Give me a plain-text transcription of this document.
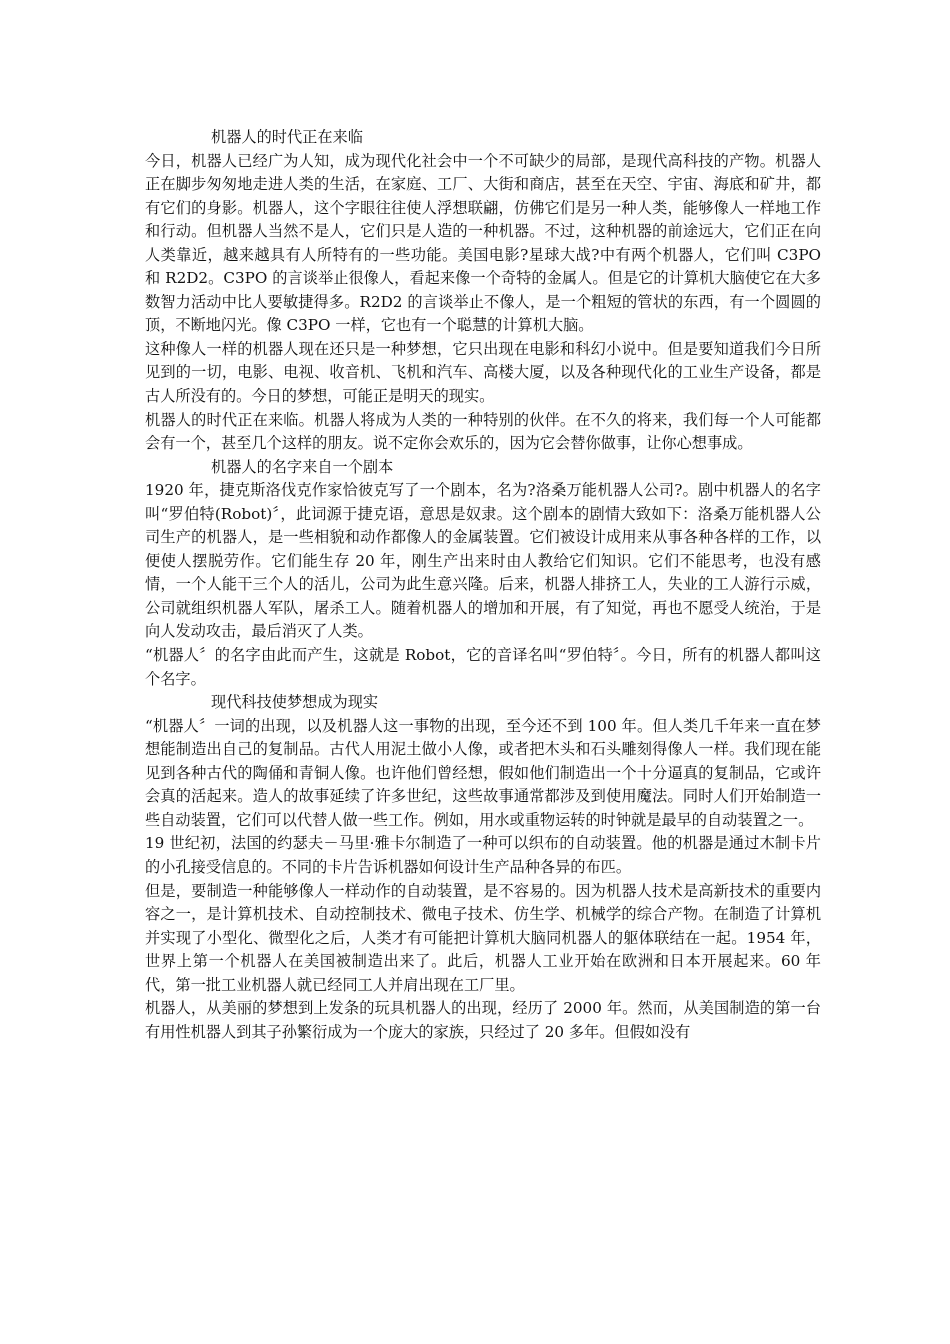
机器人的时代正在来临

今日，机器人已经广为人知，成为现代化社会中一个不可缺少的局部，是现代高科技的产物。机器人正在脚步匆匆地走进人类的生活，在家庭、工厂、大街和商店，甚至在天空、宇宙、海底和矿井，都有它们的身影。机器人，这个字眼往往使人浮想联翩，仿佛它们是另一种人类，能够像人一样地工作和行动。但机器人当然不是人，它们只是人造的一种机器。不过，这种机器的前途远大，它们正在向人类靠近，越来越具有人所特有的一些功能。美国电影?星球大战?中有两个机器人，它们叫 C3PO 和 R2D2。C3PO 的言谈举止很像人，看起来像一个奇特的金属人。但是它的计算机大脑使它在大多数智力活动中比人要敏捷得多。R2D2 的言谈举止不像人，是一个粗短的管状的东西，有一个圆圆的顶，不断地闪光。像 C3PO 一样，它也有一个聪慧的计算机大脑。

这种像人一样的机器人现在还只是一种梦想，它只出现在电影和科幻小说中。但是要知道我们今日所见到的一切，电影、电视、收音机、飞机和汽车、高楼大厦，以及各种现代化的工业生产设备，都是古人所没有的。今日的梦想，可能正是明天的现实。

机器人的时代正在来临。机器人将成为人类的一种特别的伙伴。在不久的将来，我们每一个人可能都会有一个，甚至几个这样的朋友。说不定你会欢乐的，因为它会替你做事，让你心想事成。

机器人的名字来自一个剧本

1920 年，捷克斯洛伐克作家恰彼克写了一个剧本，名为?洛桑万能机器人公司?。剧中机器人的名字叫“罗伯特(Robot)〞，此词源于捷克语，意思是奴隶。这个剧本的剧情大致如下：洛桑万能机器人公司生产的机器人，是一些相貌和动作都像人的金属装置。它们被设计成用来从事各种各样的工作，以便使人摆脱劳作。它们能生存 20 年，刚生产出来时由人教给它们知识。它们不能思考，也没有感情，一个人能干三个人的活儿，公司为此生意兴隆。后来，机器人排挤工人，失业的工人游行示威，公司就组织机器人军队，屠杀工人。随着机器人的增加和开展，有了知觉，再也不愿受人统治，于是向人发动攻击，最后消灭了人类。

“机器人〞的名字由此而产生，这就是 Robot，它的音译名叫“罗伯特〞。今日，所有的机器人都叫这个名字。

现代科技使梦想成为现实

“机器人〞一词的出现，以及机器人这一事物的出现，至今还不到 100 年。但人类几千年来一直在梦想能制造出自己的复制品。古代人用泥土做小人像，或者把木头和石头雕刻得像人一样。我们现在能见到各种古代的陶俑和青铜人像。也许他们曾经想，假如他们制造出一个十分逼真的复制品，它或许会真的活起来。造人的故事延续了许多世纪，这些故事通常都涉及到使用魔法。同时人们开始制造一些自动装置，它们可以代替人做一些工作。例如，用水或重物运转的时钟就是最早的自动装置之一。

19 世纪初，法国的约瑟夫－马里·雅卡尔制造了一种可以织布的自动装置。他的机器是通过木制卡片的小孔接受信息的。不同的卡片告诉机器如何设计生产品种各异的布匹。

但是，要制造一种能够像人一样动作的自动装置，是不容易的。因为机器人技术是高新技术的重要内容之一，是计算机技术、自动控制技术、微电子技术、仿生学、机械学的综合产物。在制造了计算机并实现了小型化、微型化之后，人类才有可能把计算机大脑同机器人的躯体联结在一起。1954 年，世界上第一个机器人在美国被制造出来了。此后，机器人工业开始在欧洲和日本开展起来。60 年代，第一批工业机器人就已经同工人并肩出现在工厂里。

机器人，从美丽的梦想到上发条的玩具机器人的出现，经历了 2000 年。然而，从美国制造的第一台有用性机器人到其子孙繁衍成为一个庞大的家族，只经过了 20 多年。但假如没有
